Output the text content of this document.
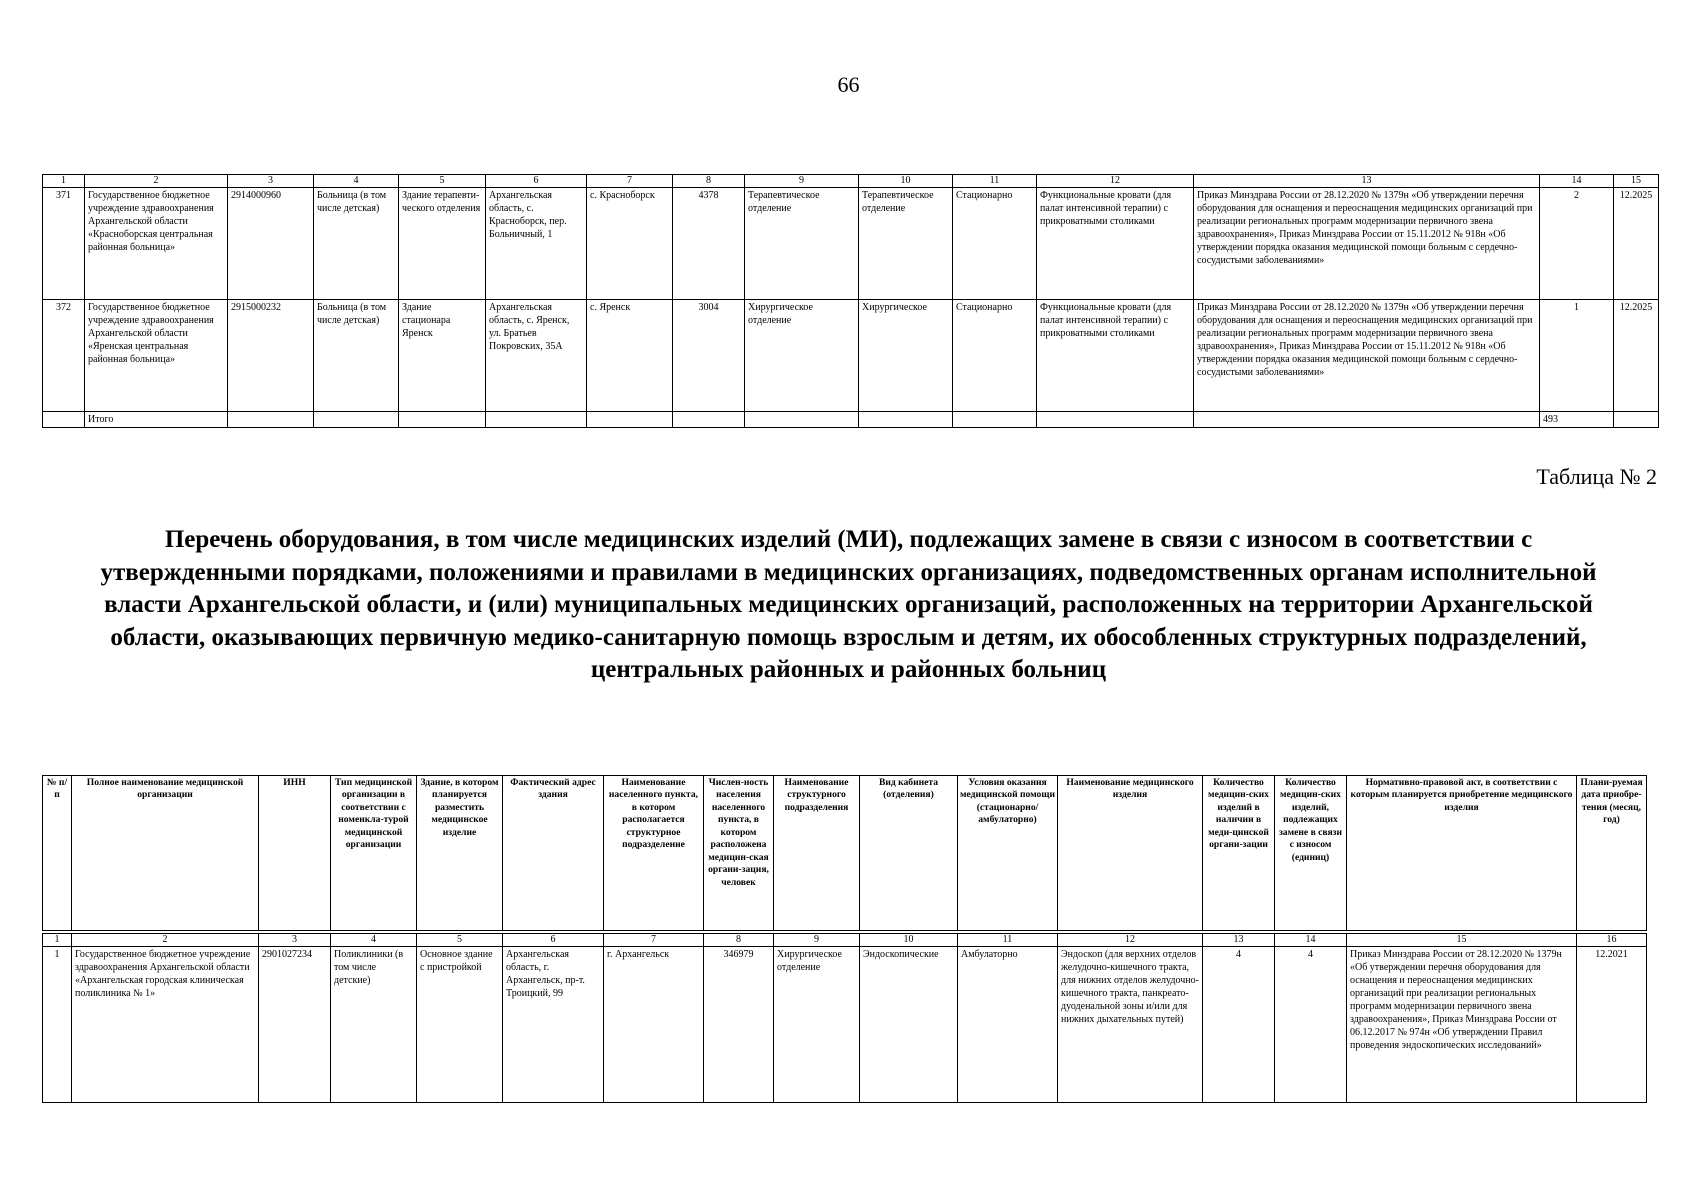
66
1	2	3	4	5	6	7	8	9	10	11	12	13	14	15
371	Государственное бюджетное учреждение здравоохранения Архангельской области «Красноборская центральная районная больница»	2914000960	Больница (в том числе детская)	Здание терапевти-ческого отделения	Архангельская область, с. Красноборск, пер. Больничный, 1	с. Красноборск	4378	Терапевтическое отделение	Терапевтическое отделение	Стационарно	Функциональные кровати (для палат интенсивной терапии) с прикроватными столиками	Приказ Минздрава России от 28.12.2020 № 1379н «Об утверждении перечня оборудования для оснащения и переоснащения медицинских организаций при реализации региональных программ модернизации первичного звена здравоохранения», Приказ Минздрава России от 15.11.2012 № 918н «Об утверждении порядка оказания медицинской помощи больным с сердечно-сосудистыми заболеваниями»	2	12.2025
372	Государственное бюджетное учреждение здравоохранения Архангельской области «Яренская центральная районная больница»	2915000232	Больница (в том числе детская)	Здание стационара Яренск	Архангельская область, с. Яренск, ул. Братьев Покровских, 35А	с. Яренск	3004	Хирургическое отделение	Хирургическое	Стационарно	Функциональные кровати (для палат интенсивной терапии) с прикроватными столиками	Приказ Минздрава России от 28.12.2020 № 1379н «Об утверждении перечня оборудования для оснащения и переоснащения медицинских организаций при реализации региональных программ модернизации первичного звена здравоохранения», Приказ Минздрава России от 15.11.2012 № 918н «Об утверждении порядка оказания медицинской помощи больным с сердечно-сосудистыми заболеваниями»	1	12.2025
	Итого												493	
Таблица № 2
Перечень оборудования, в том числе медицинских изделий (МИ), подлежащих замене в связи с износом в соответствии с утвержденными порядками, положениями и правилами в медицинских организациях, подведомственных органам исполнительной власти Архангельской области, и (или) муниципальных медицинских организаций, расположенных на территории Архангельской области, оказывающих первичную медико-санитарную помощь взрослым и детям, их обособленных структурных подразделений, центральных районных и районных больниц
№ п/п	Полное наименование медицинской организации	ИНН	Тип медицинской организации в соответствии с номенкла-турой медицинской организации	Здание, в котором планируется разместить медицинское изделие	Фактический адрес здания	Наименование населенного пункта, в котором располагается структурное подразделение	Числен-ность населения населенного пункта, в котором расположена медицин-ская органи-зация, человек	Наименование структурного подразделения	Вид кабинета (отделения)	Условия оказания медицинской помощи (стационарно/ амбулаторно)	Наименование медицинского изделия	Количество медицин-ских изделий в наличии в меди-цинской органи-зации	Количество медицин-ских изделий, подлежащих замене в связи с износом (единиц)	Нормативно-правовой акт, в соответствии с которым планируется приобретение медицинского изделия	Плани-руемая дата приобре-тения (месяц, год)

1	2	3	4	5	6	7	8	9	10	11	12	13	14	15	16
1	Государственное бюджетное учреждение здравоохранения Архангельской области «Архангельская городская клиническая поликлиника № 1»	2901027234	Поликлиники (в том числе детские)	Основное здание с пристройкой	Архангельская область, г. Архангельск, пр-т. Троицкий, 99	г. Архангельск	346979	Хирургическое отделение	Эндоскопические	Амбулаторно	Эндоскоп (для верхних отделов желудочно-кишечного тракта, для нижних отделов желудочно-кишечного тракта, панкреато-дуоденальной зоны и/или для нижних дыхательных путей)	4	4	Приказ Минздрава России от 28.12.2020 № 1379н «Об утверждении перечня оборудования для оснащения и переоснащения медицинских организаций при реализации региональных программ модернизации первичного звена здравоохранения», Приказ Минздрава России от 06.12.2017 № 974н «Об утверждении Правил проведения эндоскопических исследований»	12.2021
